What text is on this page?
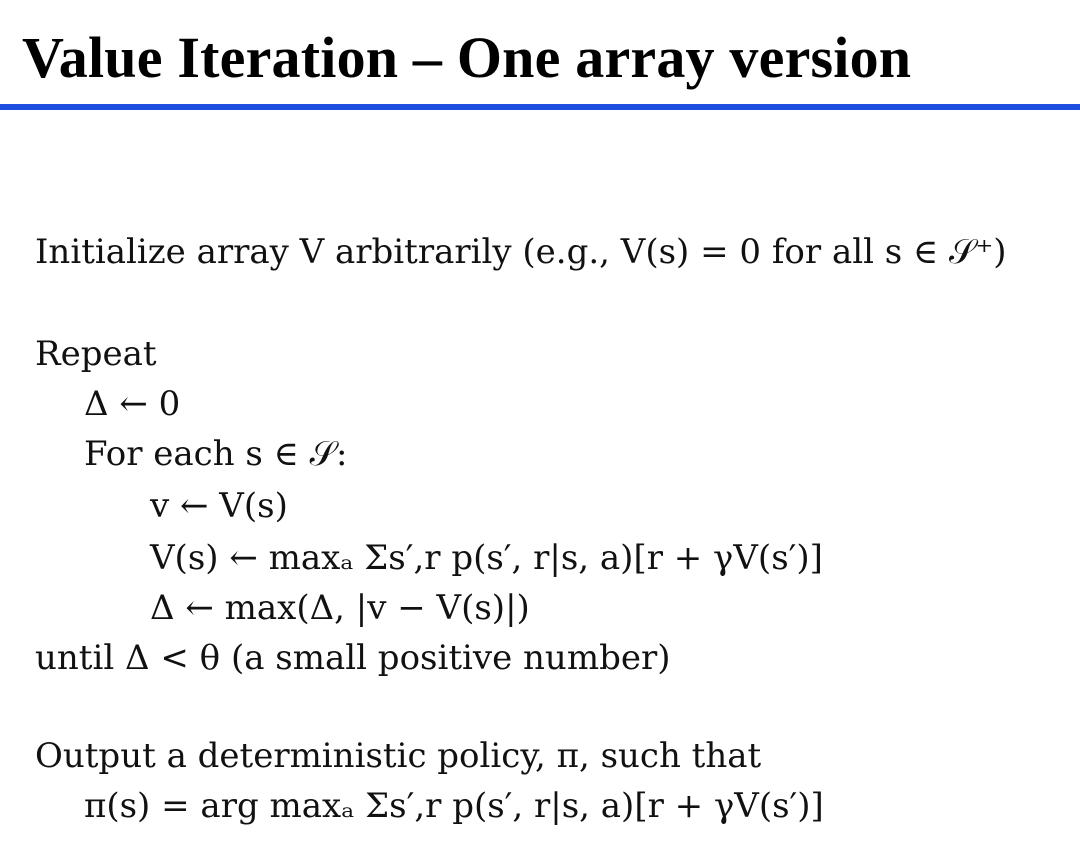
Value Iteration – One array version
Initialize array V arbitrarily (e.g., V(s) = 0 for all s ∈ 𝒮⁺)
Repeat
Δ ← 0
For each s ∈ 𝒮:
v ← V(s)
V(s) ← maxₐ Σs′,r p(s′, r|s, a)[r + γV(s′)]
Δ ← max(Δ, |v − V(s)|)
until Δ < θ (a small positive number)
Output a deterministic policy, π, such that
π(s) = arg maxₐ Σs′,r p(s′, r|s, a)[r + γV(s′)]
